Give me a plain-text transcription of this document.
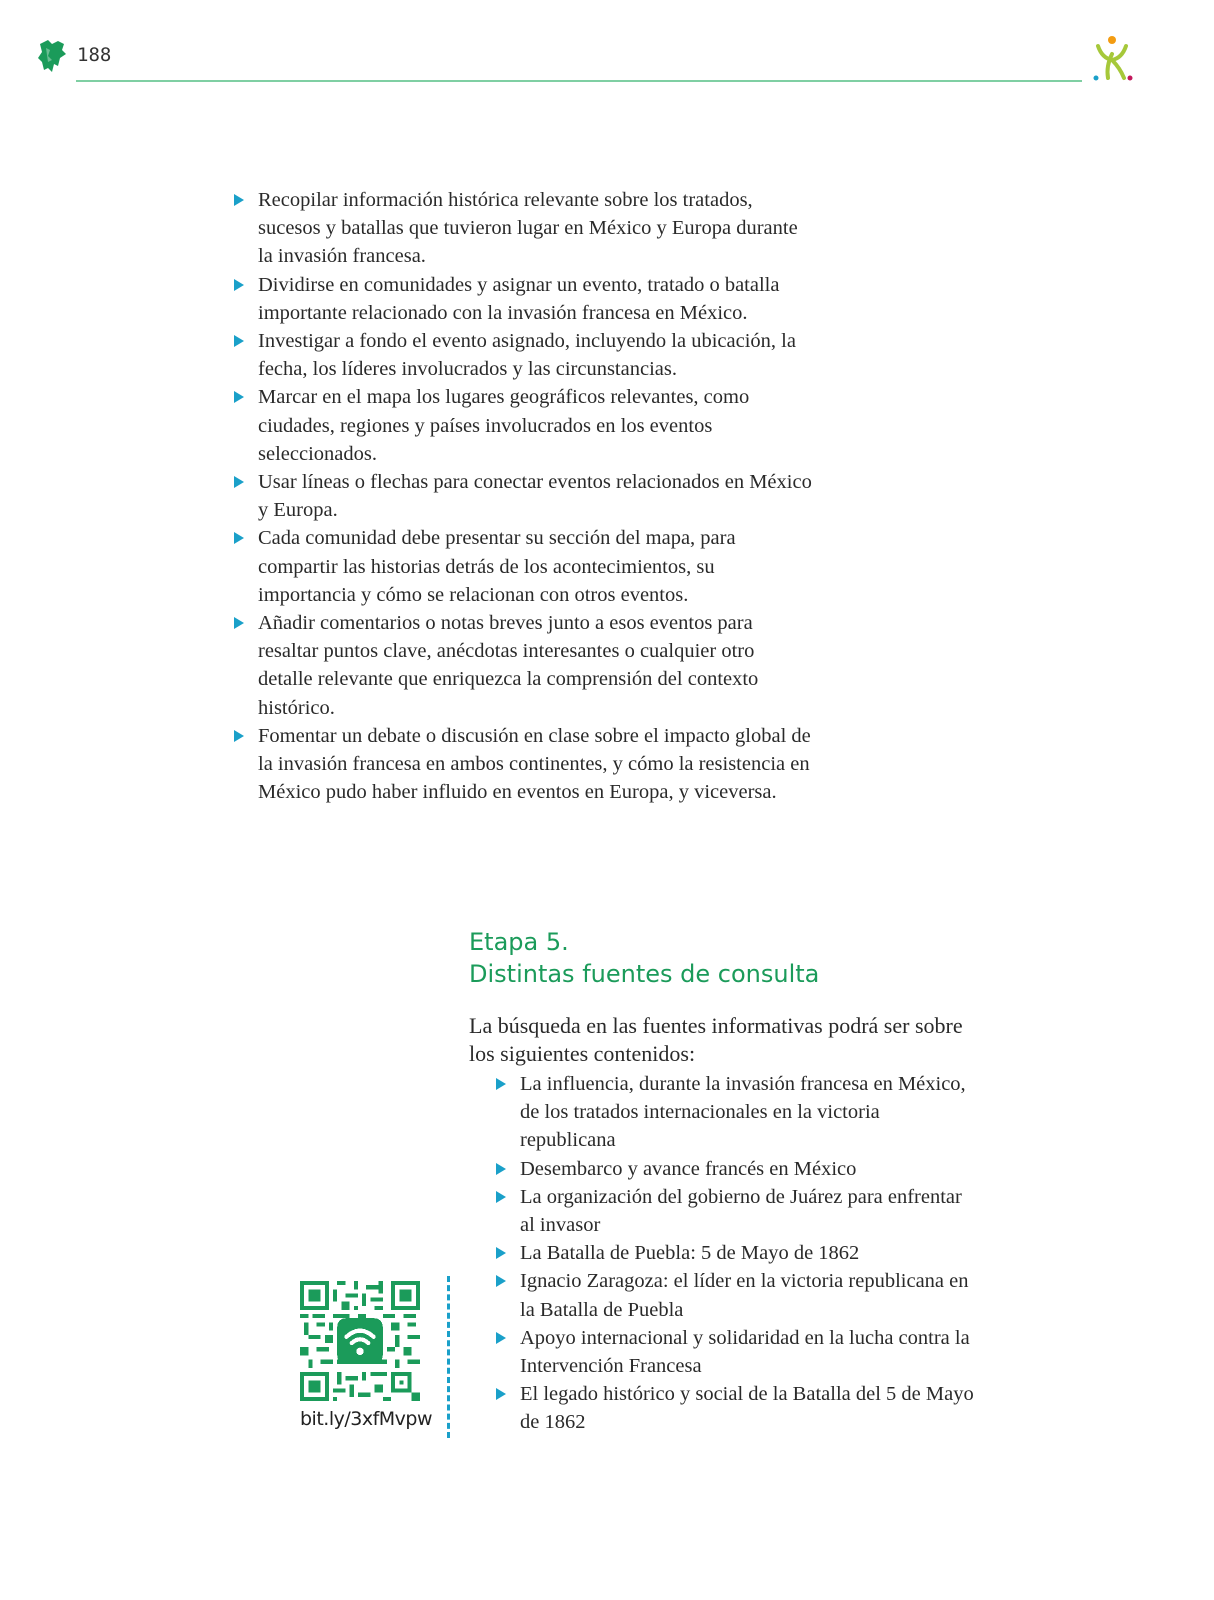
188
Recopilar información histórica relevante sobre los tratados, sucesos y batallas que tuvieron lugar en México y Europa durante la invasión francesa.
Dividirse en comunidades y asignar un evento, tratado o batalla importante relacionado con la invasión francesa en México.
Investigar a fondo el evento asignado, incluyendo la ubicación, la fecha, los líderes involucrados y las circunstancias.
Marcar en el mapa los lugares geográficos relevantes, como ciudades, regiones y países involucrados en los eventos seleccionados.
Usar líneas o flechas para conectar eventos relacionados en México y Europa.
Cada comunidad debe presentar su sección del mapa, para compartir las historias detrás de los acontecimientos, su importancia y cómo se relacionan con otros eventos.
Añadir comentarios o notas breves junto a esos eventos para resaltar puntos clave, anécdotas interesantes o cualquier otro detalle relevante que enriquezca la comprensión del contexto histórico.
Fomentar un debate o discusión en clase sobre el impacto global de la invasión francesa en ambos continentes, y cómo la resistencia en México pudo haber influido en eventos en Europa, y viceversa.
Etapa 5.
Distintas fuentes de consulta
La búsqueda en las fuentes informativas podrá ser sobre los siguientes contenidos:
La influencia, durante la invasión francesa en México, de los tratados internacionales en la victoria republicana
Desembarco y avance francés en México
La organización del gobierno de Juárez para enfrentar al invasor
La Batalla de Puebla: 5 de Mayo de 1862
Ignacio Zaragoza: el líder en la victoria republicana en la Batalla de Puebla
Apoyo internacional y solidaridad en la lucha contra la Intervención Francesa
El legado histórico y social de la Batalla del 5 de Mayo de 1862
bit.ly/3xfMvpw
